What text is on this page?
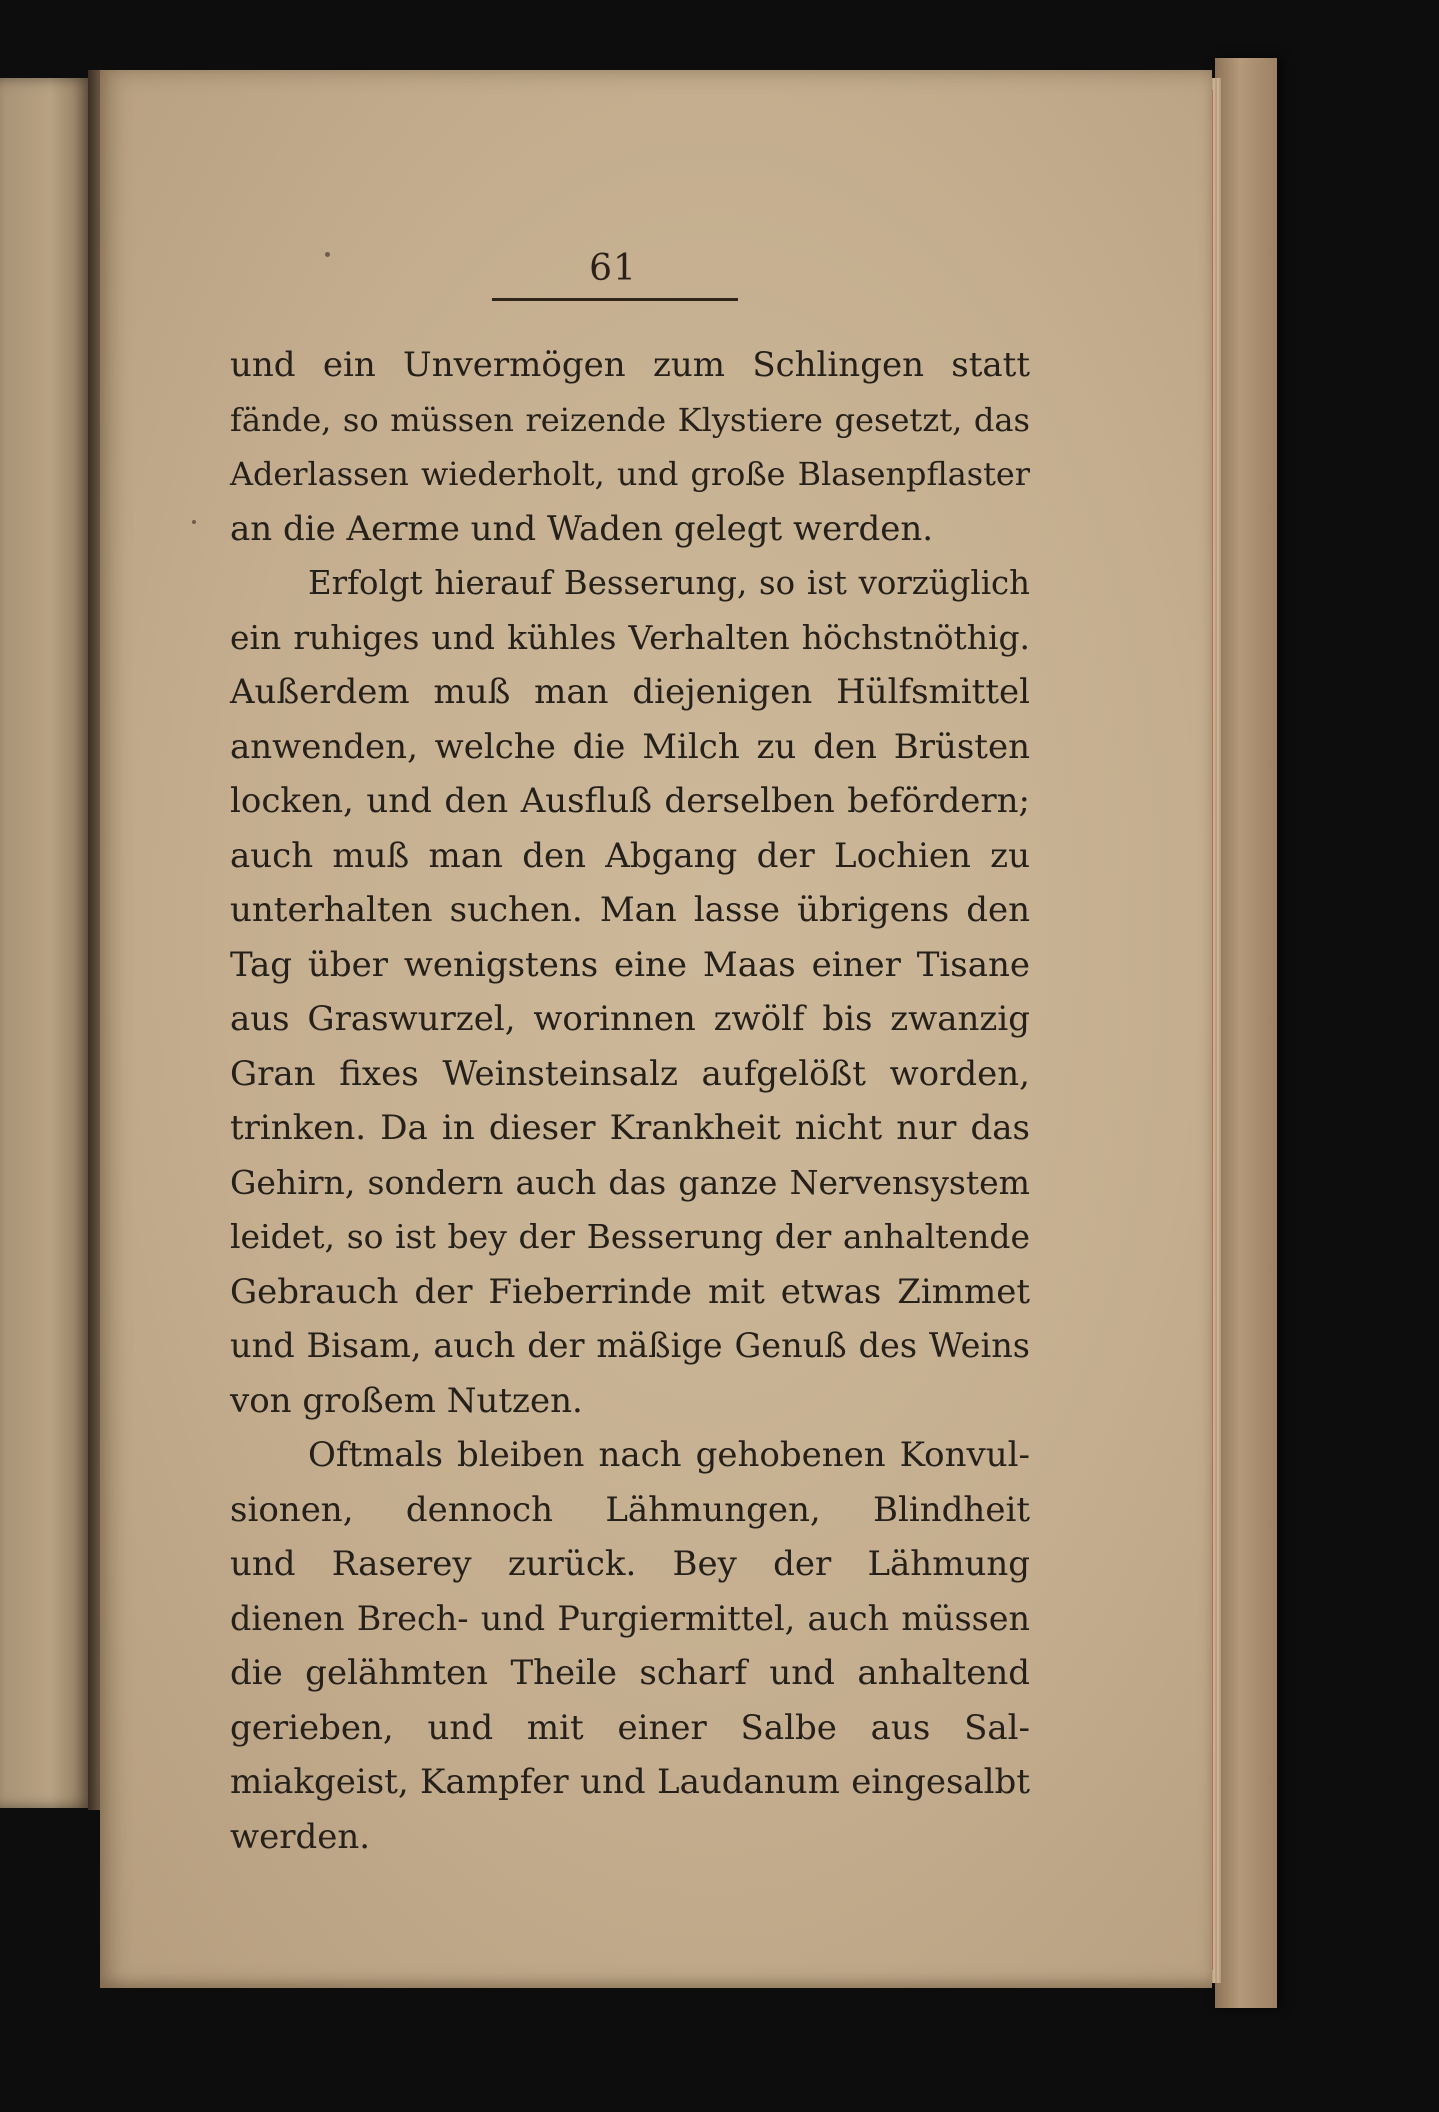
61
und ein Unvermögen zum Schlingen statt
fände, so müssen reizende Klystiere gesetzt, das
Aderlassen wiederholt, und große Blasenpflaster
an die Aerme und Waden gelegt werden.
Erfolgt hierauf Besserung, so ist vorzüglich
ein ruhiges und kühles Verhalten höchstnöthig.
Außerdem muß man diejenigen Hülfsmittel
anwenden, welche die Milch zu den Brüsten
locken, und den Ausfluß derselben befördern;
auch muß man den Abgang der Lochien zu
unterhalten suchen. Man lasse übrigens den
Tag über wenigstens eine Maas einer Tisane
aus Graswurzel, worinnen zwölf bis zwanzig
Gran fixes Weinsteinsalz aufgelößt worden,
trinken. Da in dieser Krankheit nicht nur das
Gehirn, sondern auch das ganze Nervensystem
leidet, so ist bey der Besserung der anhaltende
Gebrauch der Fieberrinde mit etwas Zimmet
und Bisam, auch der mäßige Genuß des Weins
von großem Nutzen.
Oftmals bleiben nach gehobenen Konvul-
sionen, dennoch Lähmungen, Blindheit
und Raserey zurück. Bey der Lähmung
dienen Brech- und Purgiermittel, auch müssen
die gelähmten Theile scharf und anhaltend
gerieben, und mit einer Salbe aus Sal-
miakgeist, Kampfer und Laudanum eingesalbt
werden.
